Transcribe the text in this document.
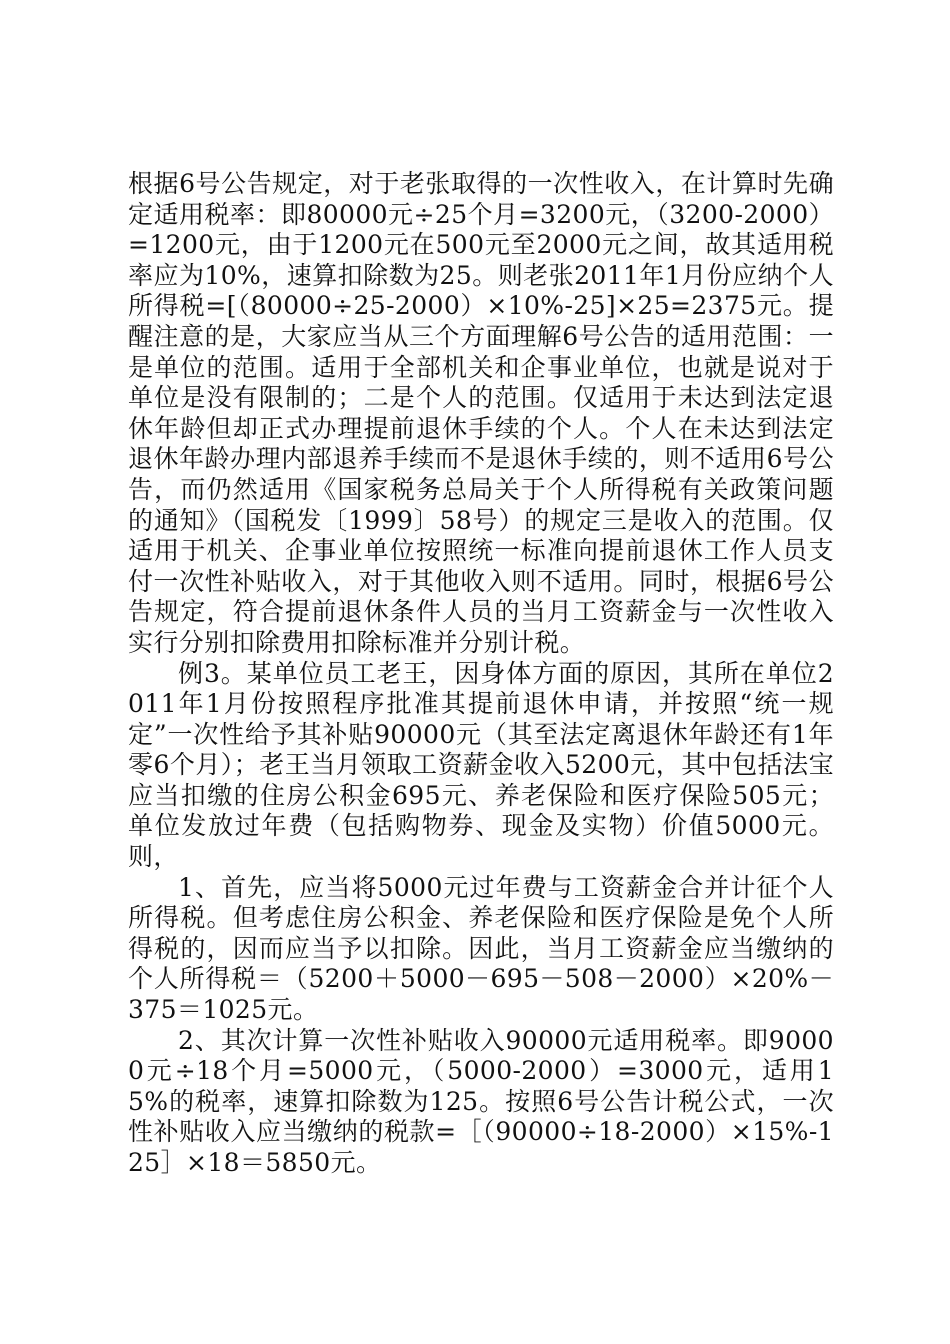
根据6号公告规定，对于老张取得的一次性收入，在计算时先确定适用税率：即80000元÷25个月=3200元，（3200-2000）=1200元，由于1200元在500元至2000元之间，故其适用税率应为10%，速算扣除数为25。则老张2011年1月份应纳个人所得税=[（80000÷25-2000）×10%-25]×25=2375元。提醒注意的是，大家应当从三个方面理解6号公告的适用范围：一是单位的范围。适用于全部机关和企事业单位，也就是说对于单位是没有限制的；二是个人的范围。仅适用于未达到法定退休年龄但却正式办理提前退休手续的个人。个人在未达到法定退休年龄办理内部退养手续而不是退休手续的，则不适用6号公告，而仍然适用《国家税务总局关于个人所得税有关政策问题的通知》（国税发〔1999〕58号）的规定三是收入的范围。仅适用于机关、企事业单位按照统一标准向提前退休工作人员支付一次性补贴收入，对于其他收入则不适用。同时，根据6号公告规定，符合提前退休条件人员的当月工资薪金与一次性收入实行分别扣除费用扣除标准并分别计税。

例3。某单位员工老王，因身体方面的原因，其所在单位2011年1月份按照程序批准其提前退休申请，并按照“统一规定”一次性给予其补贴90000元（其至法定离退休年龄还有1年零6个月）；老王当月领取工资薪金收入5200元，其中包括法宝应当扣缴的住房公积金695元、养老保险和医疗保险505元；单位发放过年费（包括购物券、现金及实物）价值5000元。则，

1、首先，应当将5000元过年费与工资薪金合并计征个人所得税。但考虑住房公积金、养老保险和医疗保险是免个人所得税的，因而应当予以扣除。因此，当月工资薪金应当缴纳的个人所得税＝（5200＋5000－695－508－2000）×20%－375＝1025元。

2、其次计算一次性补贴收入90000元适用税率。即90000元÷18个月=5000元，（5000-2000）=3000元，适用15%的税率，速算扣除数为125。按照6号公告计税公式，一次性补贴收入应当缴纳的税款=［（90000÷18-2000）×15%-125］×18＝5850元。
